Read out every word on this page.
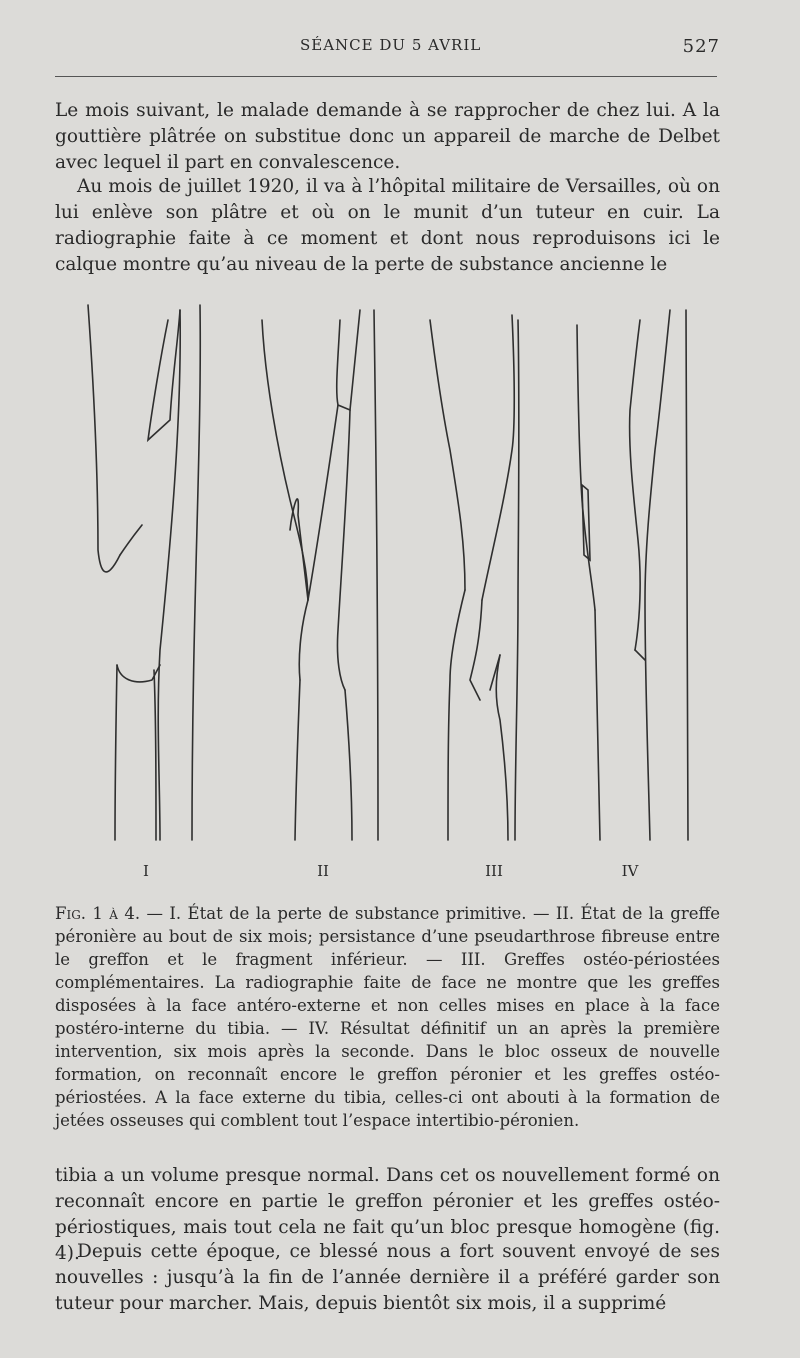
SÉANCE DU 5 AVRIL	527

Le mois suivant, le malade demande à se rapprocher de chez lui. A la gouttière plâtrée on substitue donc un appareil de marche de Delbet avec lequel il part en convalescence.

Au mois de juillet 1920, il va à l’hôpital militaire de Versailles, où on lui enlève son plâtre et où on le munit d’un tuteur en cuir. La radiographie faite à ce moment et dont nous reproduisons ici le calque montre qu’au niveau de la perte de substance ancienne le

I	II	III	IV

Fig. 1 à 4. — I. État de la perte de substance primitive. — II. État de la greffe péronière au bout de six mois; persistance d’une pseudarthrose fibreuse entre le greffon et le fragment inférieur. — III. Greffes ostéo-périostées complémentaires. La radiographie faite de face ne montre que les greffes disposées à la face antéro-externe et non celles mises en place à la face postéro-interne du tibia. — IV. Résultat définitif un an après la première intervention, six mois après la seconde. Dans le bloc osseux de nouvelle formation, on reconnaît encore le greffon péronier et les greffes ostéo-périostées. A la face externe du tibia, celles-ci ont abouti à la formation de jetées osseuses qui comblent tout l’espace intertibio-péronien.

tibia a un volume presque normal. Dans cet os nouvellement formé on reconnaît encore en partie le greffon péronier et les greffes ostéo-périostiques, mais tout cela ne fait qu’un bloc presque homogène (fig. 4).

Depuis cette époque, ce blessé nous a fort souvent envoyé de ses nouvelles : jusqu’à la fin de l’année dernière il a préféré garder son tuteur pour marcher. Mais, depuis bientôt six mois, il a supprimé
